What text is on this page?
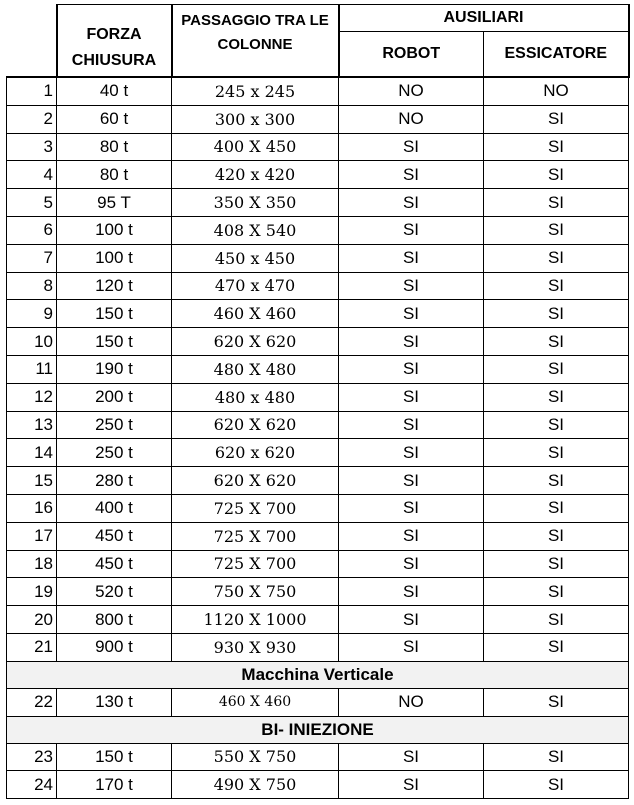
	FORZA CHIUSURA	PASSAGGIO TRA LE COLONNE	AUSILIARI	
			ROBOT	ESSICATORE
1	40 t	245 x 245	NO	NO
2	60 t	300 x 300	NO	SI
3	80 t	400 X 450	SI	SI
4	80 t	420 x 420	SI	SI
5	95 T	350 X 350	SI	SI
6	100 t	408 X 540	SI	SI
7	100 t	450 x 450	SI	SI
8	120 t	470 x 470	SI	SI
9	150 t	460 X 460	SI	SI
10	150 t	620 X 620	SI	SI
11	190 t	480 X 480	SI	SI
12	200 t	480 x 480	SI	SI
13	250 t	620 X 620	SI	SI
14	250 t	620 x 620	SI	SI
15	280 t	620 X 620	SI	SI
16	400 t	725 X 700	SI	SI
17	450 t	725 X 700	SI	SI
18	450 t	725 X 700	SI	SI
19	520 t	750 X 750	SI	SI
20	800 t	1120 X 1000	SI	SI
21	900 t	930 X 930	SI	SI
Macchina Verticale				
22	130 t	460 X 460	NO	SI
BI- INIEZIONE				
23	150 t	550 X 750	SI	SI
24	170 t	490 X 750	SI	SI
